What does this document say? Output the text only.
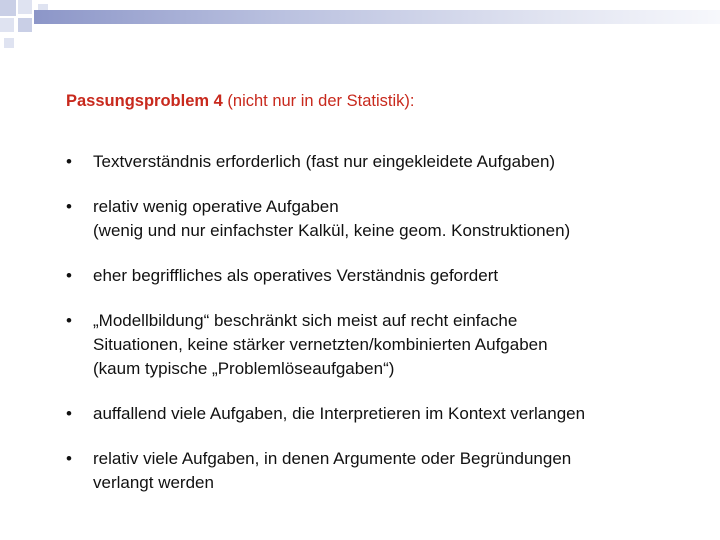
Passungsproblem 4 (nicht nur in der Statistik):
• Textverständnis erforderlich (fast nur eingekleidete Aufgaben)
• relativ wenig operative Aufgaben
(wenig und nur einfachster Kalkül, keine geom. Konstruktionen)
• eher begriffliches als operatives Verständnis gefordert
• „Modellbildung“ beschränkt sich meist auf recht einfache
Situationen, keine stärker vernetzten/kombinierten Aufgaben
(kaum typische „Problemlöseaufgaben“)
• auffallend viele Aufgaben, die Interpretieren im Kontext verlangen
• relativ viele Aufgaben, in denen Argumente oder Begründungen
verlangt werden
